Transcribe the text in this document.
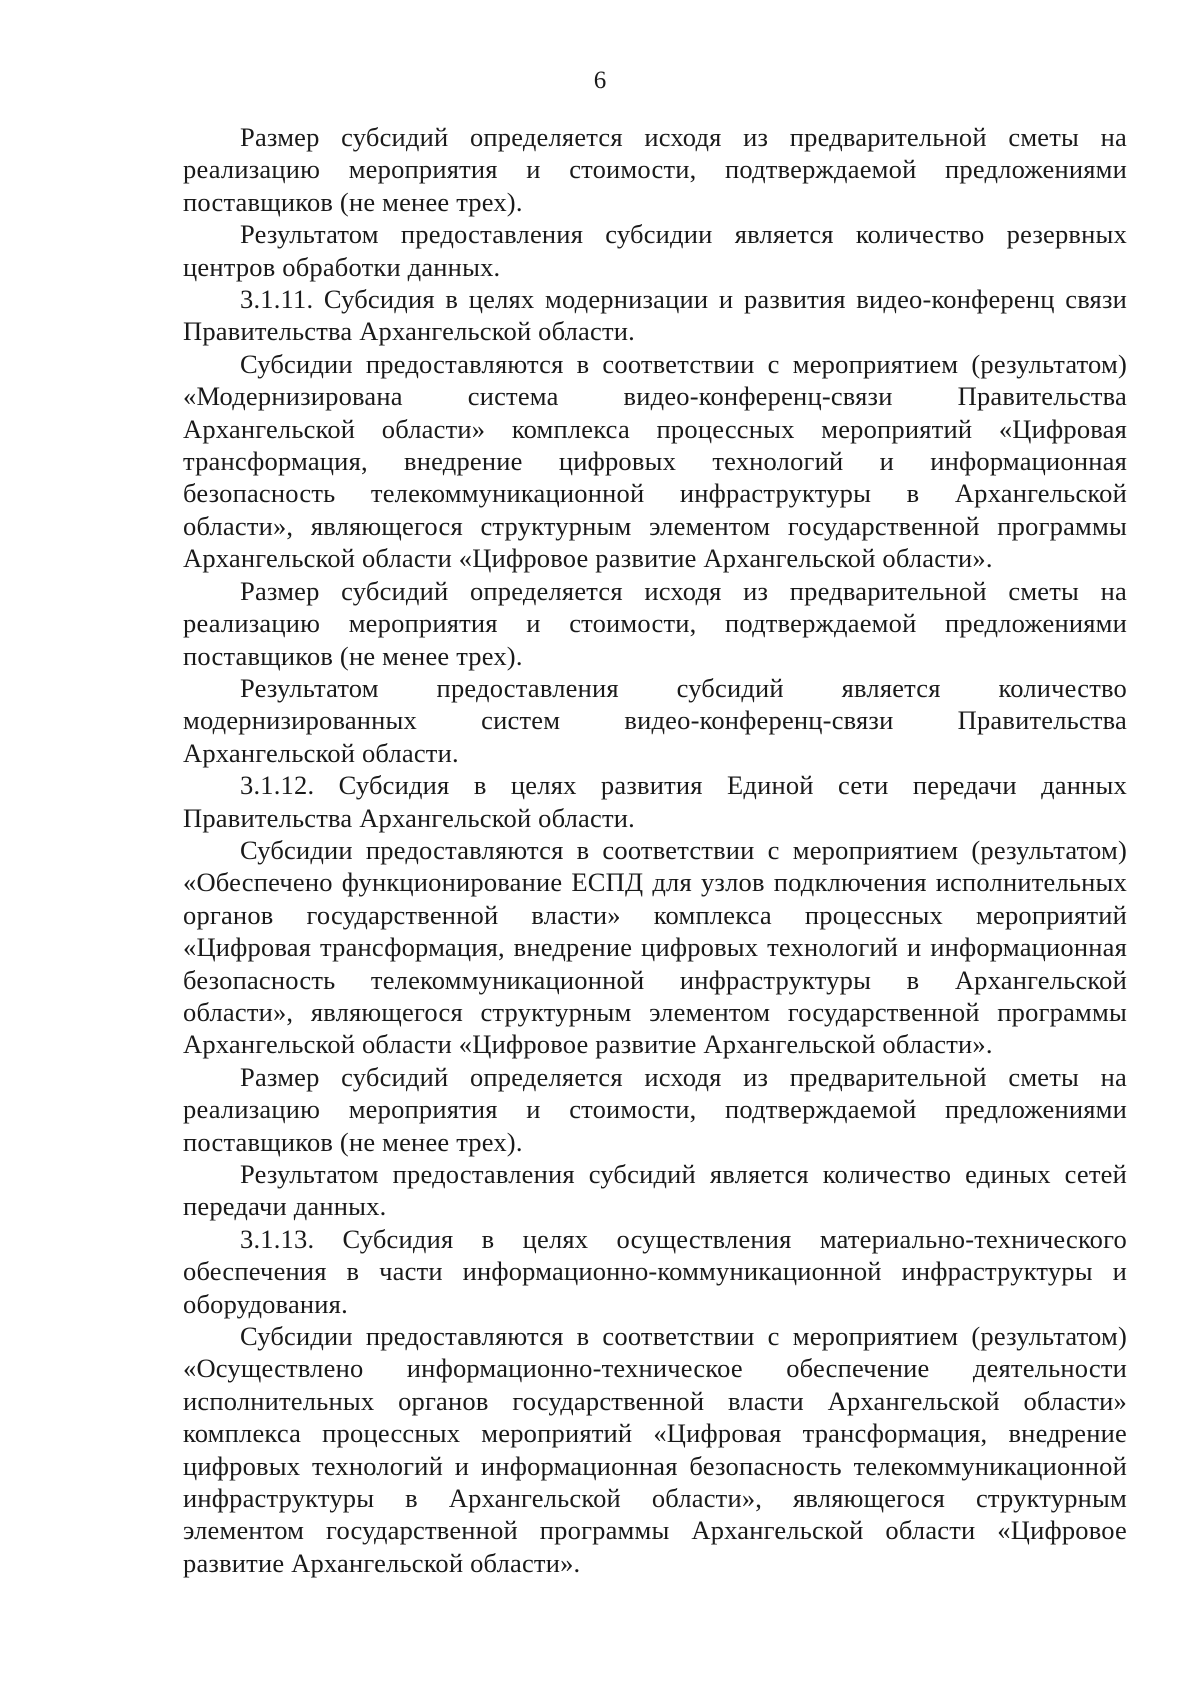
6

Размер субсидий определяется исходя из предварительной сметы на реализацию мероприятия и стоимости, подтверждаемой предложениями поставщиков (не менее трех).

Результатом предоставления субсидии является количество резервных центров обработки данных.

3.1.11. Субсидия в целях модернизации и развития видео-конференц связи Правительства Архангельской области.

Субсидии предоставляются в соответствии с мероприятием (результатом) «Модернизирована система видео-конференц-связи Правительства Архангельской области» комплекса процессных мероприятий «Цифровая трансформация, внедрение цифровых технологий и информационная безопасность телекоммуникационной инфраструктуры в Архангельской области», являющегося структурным элементом государственной программы Архангельской области «Цифровое развитие Архангельской области».

Размер субсидий определяется исходя из предварительной сметы на реализацию мероприятия и стоимости, подтверждаемой предложениями поставщиков (не менее трех).

Результатом предоставления субсидий является количество модернизированных систем видео-конференц-связи Правительства Архангельской области.

3.1.12. Субсидия в целях развития Единой сети передачи данных Правительства Архангельской области.

Субсидии предоставляются в соответствии с мероприятием (результатом) «Обеспечено функционирование ЕСПД для узлов подключения исполнительных органов государственной власти» комплекса процессных мероприятий «Цифровая трансформация, внедрение цифровых технологий и информационная безопасность телекоммуникационной инфраструктуры в Архангельской области», являющегося структурным элементом государственной программы Архангельской области «Цифровое развитие Архангельской области».

Размер субсидий определяется исходя из предварительной сметы на реализацию мероприятия и стоимости, подтверждаемой предложениями поставщиков (не менее трех).

Результатом предоставления субсидий является количество единых сетей передачи данных.

3.1.13. Субсидия в целях осуществления материально-технического обеспечения в части информационно-коммуникационной инфраструктуры и оборудования.

Субсидии предоставляются в соответствии с мероприятием (результатом) «Осуществлено информационно-техническое обеспечение деятельности исполнительных органов государственной власти Архангельской области» комплекса процессных мероприятий «Цифровая трансформация, внедрение цифровых технологий и информационная безопасность телекоммуникационной инфраструктуры в Архангельской области», являющегося структурным элементом государственной программы Архангельской области «Цифровое развитие Архангельской области».
